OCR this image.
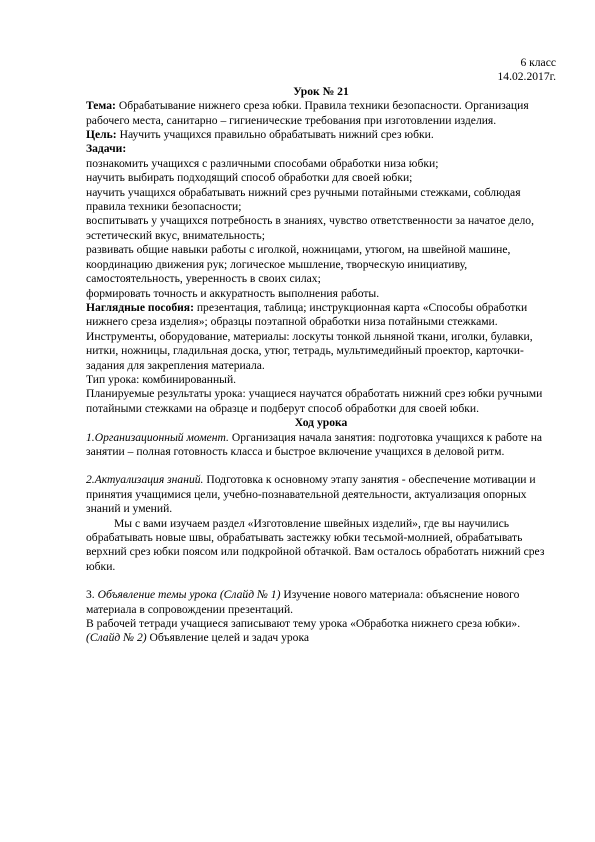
6 класс
14.02.2017г.
Урок № 21

Тема: Обрабатывание нижнего среза юбки. Правила техники безопасности. Организация рабочего места, санитарно – гигиенические требования при изготовлении изделия.

Цель: Научить учащихся правильно обрабатывать нижний срез юбки.

Задачи:

познакомить учащихся с различными способами обработки низа юбки;

научить выбирать подходящий способ обработки для своей юбки;

научить учащихся обрабатывать нижний срез ручными потайными стежками, соблюдая правила техники безопасности;

воспитывать у учащихся потребность в знаниях, чувство ответственности за начатое дело, эстетический вкус, внимательность;

развивать общие навыки работы с иголкой, ножницами, утюгом, на швейной машине, координацию движения рук; логическое мышление, творческую инициативу, самостоятельность, уверенность в своих силах;

формировать точность и аккуратность выполнения работы.

Наглядные пособия: презентация, таблица; инструкционная карта «Способы обработки нижнего среза изделия»; образцы поэтапной обработки низа потайными стежками.

Инструменты, оборудование, материалы: лоскуты тонкой льняной ткани, иголки, булавки, нитки, ножницы, гладильная доска, утюг, тетрадь, мультимедийный проектор, карточки-задания для закрепления материала.

Тип урока: комбинированный.

Планируемые результаты урока: учащиеся научатся обработать нижний срез юбки ручными потайными стежками на образце и подберут способ обработки для своей юбки.

Ход урока

1.Организационный момент. Организация начала занятия: подготовка учащихся к работе на занятии – полная готовность класса и быстрое включение учащихся в деловой ритм.

2.Актуализация знаний. Подготовка к основному этапу занятия - обеспечение мотивации и принятия учащимися цели, учебно-познавательной деятельности, актуализация опорных знаний и умений.

Мы с вами изучаем раздел «Изготовление швейных изделий», где вы научились обрабатывать новые швы, обрабатывать застежку юбки тесьмой-молнией, обрабатывать верхний срез юбки поясом или подкройной обтачкой. Вам осталось обработать нижний срез юбки.

3. Объявление темы урока (Слайд № 1) Изучение нового материала: объяснение нового материала в сопровождении презентаций.

В рабочей тетради учащиеся записывают тему урока «Обработка нижнего среза юбки».

(Слайд № 2) Объявление целей и задач урока
